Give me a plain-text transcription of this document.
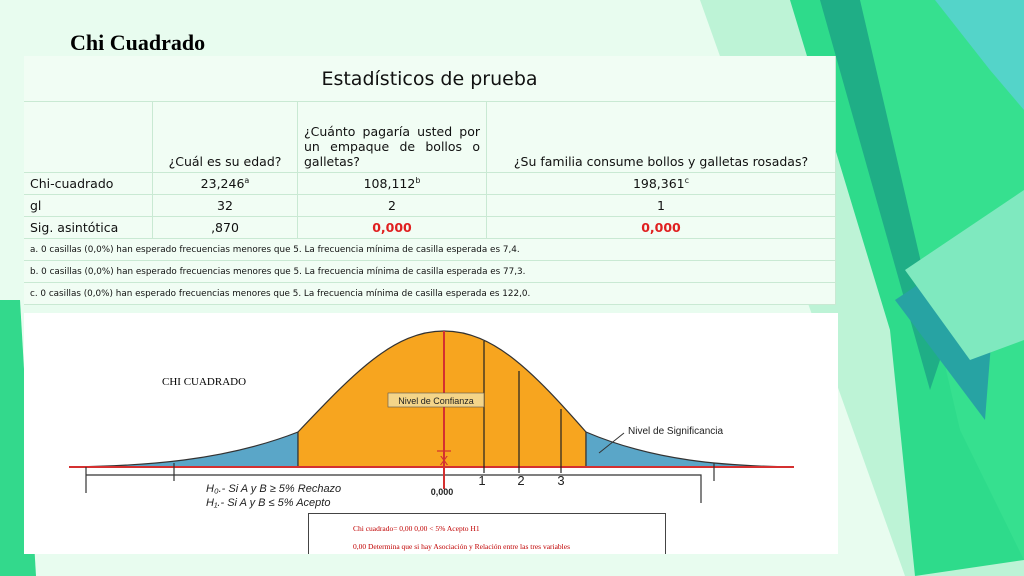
Chi Cuadrado
Estadísticos de prueba			
	¿Cuál es su edad?	¿Cuánto pagaría usted por un empaque de bollos o galletas?	¿Su familia consume bollos y galletas rosadas?
Chi-cuadrado	23,246$^a$	108,112$^b$	198,361$^c$
gl	32	2	1
Sig. asintótica	,870	0,000	0,000
a. 0 casillas (0,0%) han esperado frecuencias menores que 5. La frecuencia mínima de casilla esperada es 7,4.			
b. 0 casillas (0,0%) han esperado frecuencias menores que 5. La frecuencia mínima de casilla esperada es 77,3.			
c. 0 casillas (0,0%) han esperado frecuencias menores que 5. La frecuencia mínima de casilla esperada es 122,0.			
Nivel de Confianza
Nivel de Significancia
X
0,000
1 2	3
H₀.- Si A y B ≥ 5% Rechazo
H₁.- Si A y B ≤ 5% Acepto
CHI CUADRADO
Chi cuadrado= 0,00 0,00 < 5% Acepto H1
0,00 Determina que si hay Asociación y Relación entre las tres variables
